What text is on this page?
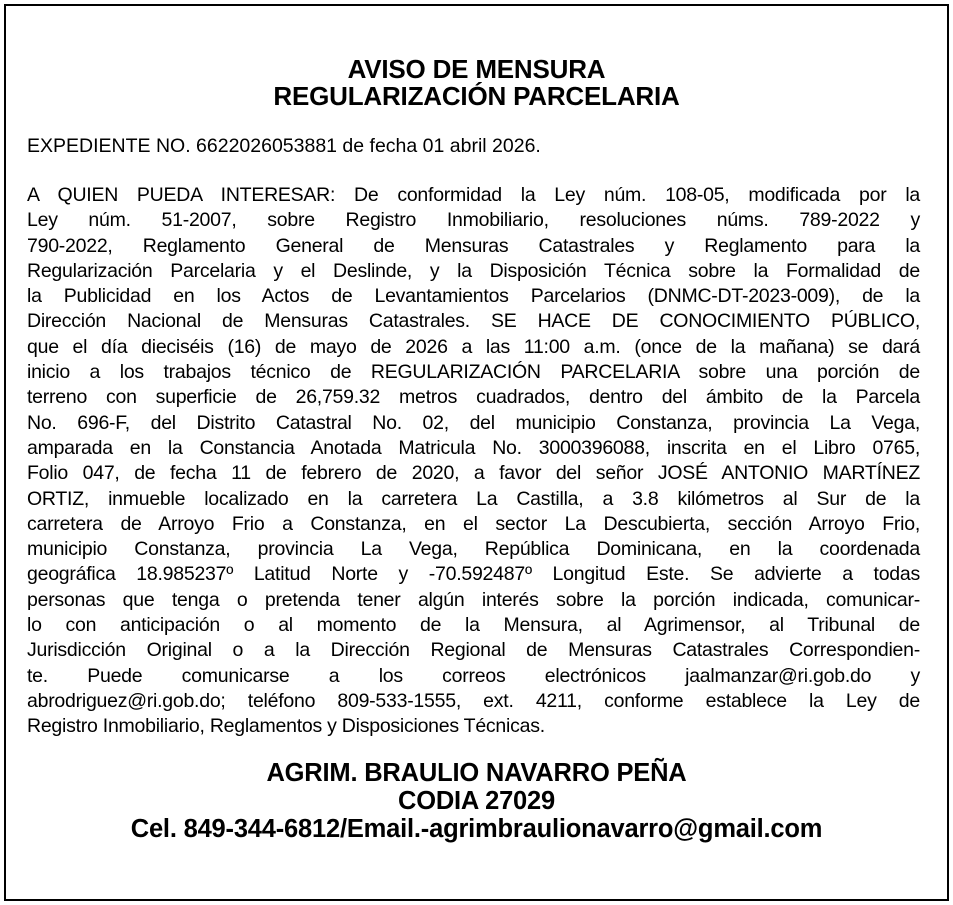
AVISO DE MENSURA
REGULARIZACIÓN PARCELARIA
EXPEDIENTE NO. 6622026053881 de fecha 01 abril 2026.
A QUIEN PUEDA INTERESAR: De conformidad la Ley núm. 108-05, modificada por la
Ley núm. 51-2007, sobre Registro Inmobiliario, resoluciones núms. 789-2022 y
790-2022, Reglamento General de Mensuras Catastrales y Reglamento para la
Regularización Parcelaria y el Deslinde, y la Disposición Técnica sobre la Formalidad de
la Publicidad en los Actos de Levantamientos Parcelarios (DNMC-DT-2023-009), de la
Dirección Nacional de Mensuras Catastrales. SE HACE DE CONOCIMIENTO PÚBLICO,
que el día dieciséis (16) de mayo de 2026 a las 11:00 a.m. (once de la mañana) se dará
inicio a los trabajos técnico de REGULARIZACIÓN PARCELARIA sobre una porción de
terreno con superficie de 26,759.32 metros cuadrados, dentro del ámbito de la Parcela
No. 696-F, del Distrito Catastral No. 02, del municipio Constanza, provincia La Vega,
amparada en la Constancia Anotada Matricula No. 3000396088, inscrita en el Libro 0765,
Folio 047, de fecha 11 de febrero de 2020, a favor del señor JOSÉ ANTONIO MARTÍNEZ
ORTIZ, inmueble localizado en la carretera La Castilla, a 3.8 kilómetros al Sur de la
carretera de Arroyo Frio a Constanza, en el sector La Descubierta, sección Arroyo Frio,
municipio Constanza, provincia La Vega, República Dominicana, en la coordenada
geográfica 18.985237º Latitud Norte y -70.592487º Longitud Este. Se advierte a todas
personas que tenga o pretenda tener algún interés sobre la porción indicada, comunicar-
lo con anticipación o al momento de la Mensura, al Agrimensor, al Tribunal de
Jurisdicción Original o a la Dirección Regional de Mensuras Catastrales Correspondien-
te. Puede comunicarse a los correos electrónicos jaalmanzar@ri.gob.do y
abrodriguez@ri.gob.do; teléfono 809-533-1555, ext. 4211, conforme establece la Ley de
Registro Inmobiliario, Reglamentos y Disposiciones Técnicas.
AGRIM. BRAULIO NAVARRO PEÑA
CODIA 27029
Cel. 849-344-6812/Email.-agrimbraulionavarro@gmail.com
